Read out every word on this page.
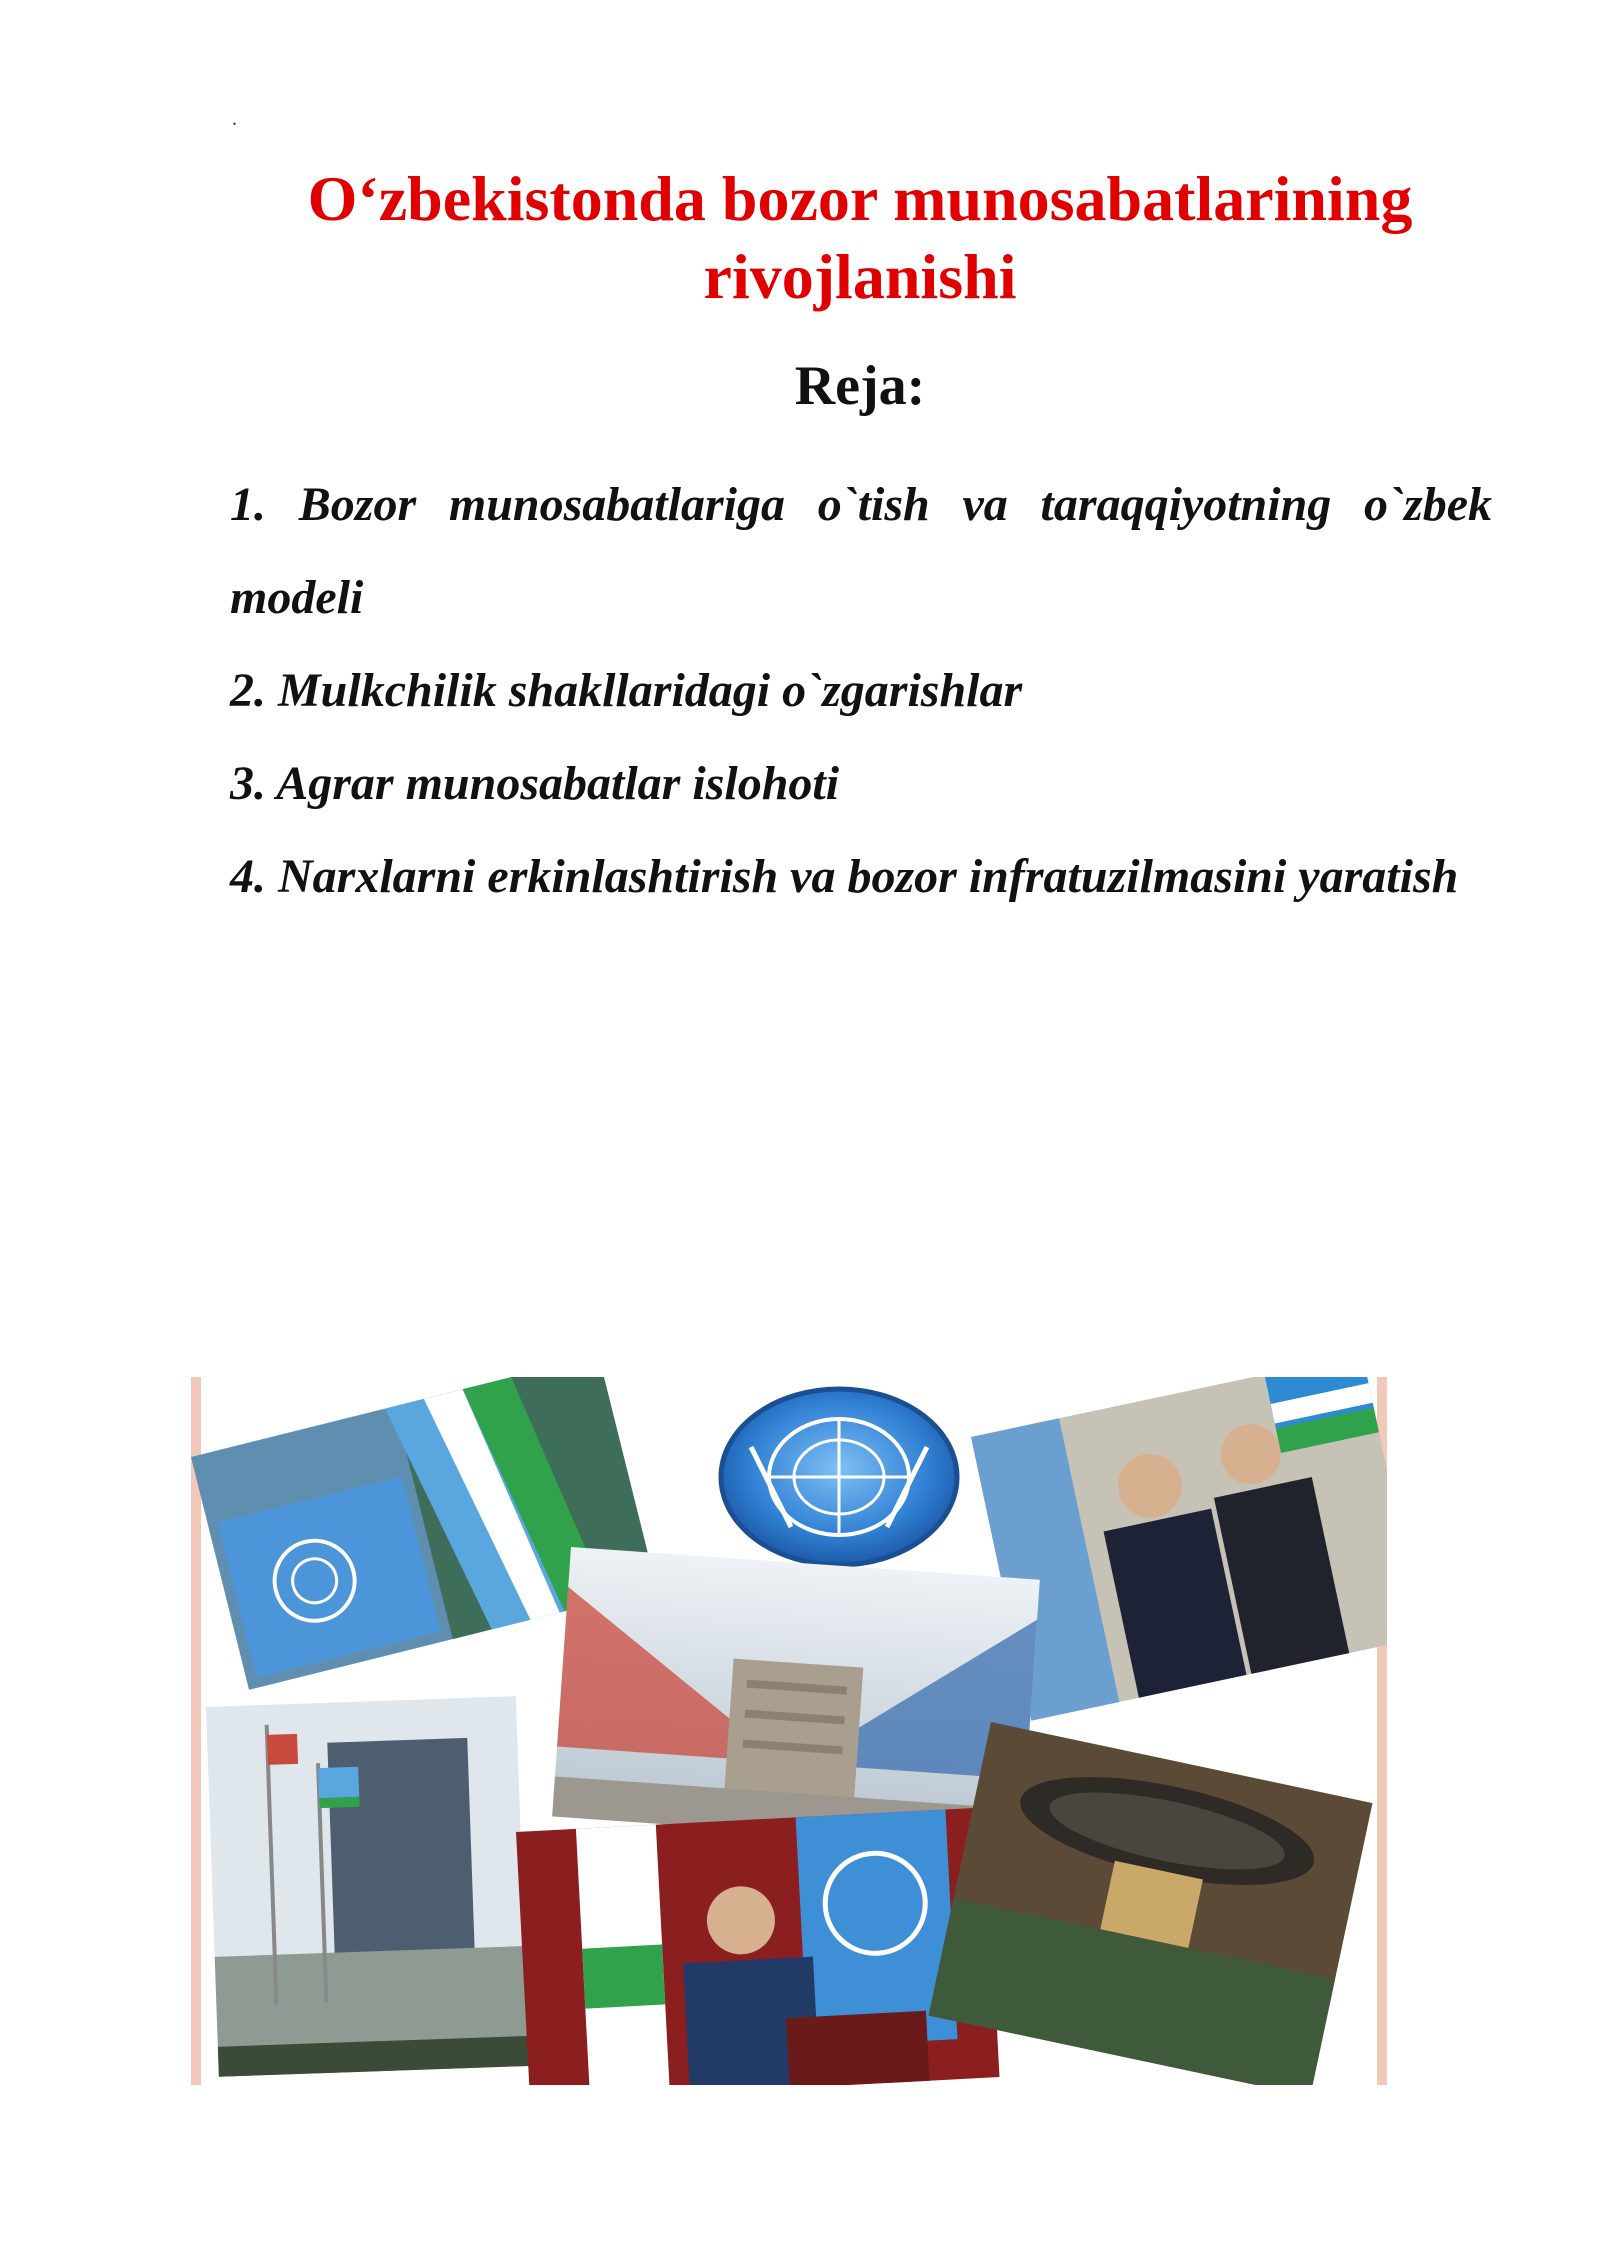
.
O‘zbekistonda bozor munosabatlarining rivojlanishi
Reja:
1. Bozor munosabatlariga o`tish va taraqqiyotning o`zbek modeli
2. Mulkchilik shakllaridagi o`zgarishlar
3. Agrar munosabatlar islohoti
4. Narxlarni erkinlashtirish va bozor infratuzilmasini yaratish
